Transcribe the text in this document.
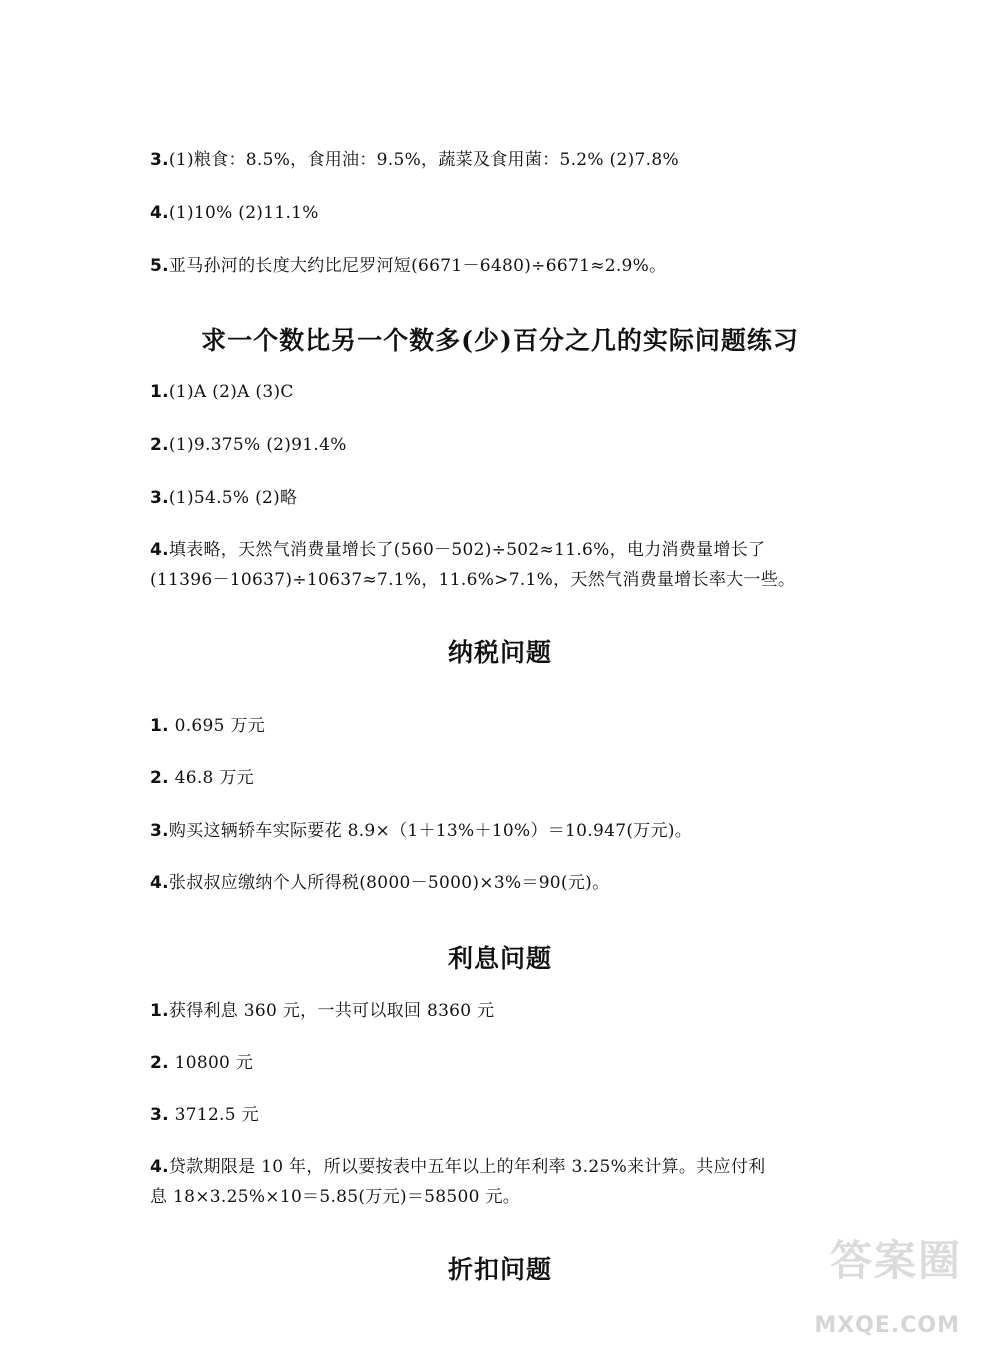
3.(1)粮食：8.5%，食用油：9.5%，蔬菜及食用菌：5.2% (2)7.8%
4.(1)10% (2)11.1%
5.亚马孙河的长度大约比尼罗河短(6671－6480)÷6671≈2.9%。
求一个数比另一个数多(少)百分之几的实际问题练习
1.(1)A (2)A (3)C
2.(1)9.375% (2)91.4%
3.(1)54.5% (2)略
4.填表略，天然气消费量增长了(560－502)÷502≈11.6%，电力消费量增长了
(11396－10637)÷10637≈7.1%，11.6%>7.1%，天然气消费量增长率大一些。
纳税问题
1. 0.695 万元
2. 46.8 万元
3.购买这辆轿车实际要花 8.9×（1＋13%＋10%）＝10.947(万元)。
4.张叔叔应缴纳个人所得税(8000－5000)×3%＝90(元)。
利息问题
1.获得利息 360 元，一共可以取回 8360 元
2. 10800 元
3. 3712.5 元
4.贷款期限是 10 年，所以要按表中五年以上的年利率 3.25%来计算。共应付利
息 18×3.25%×10＝5.85(万元)＝58500 元。
折扣问题	答案圈
MXQE.COM
